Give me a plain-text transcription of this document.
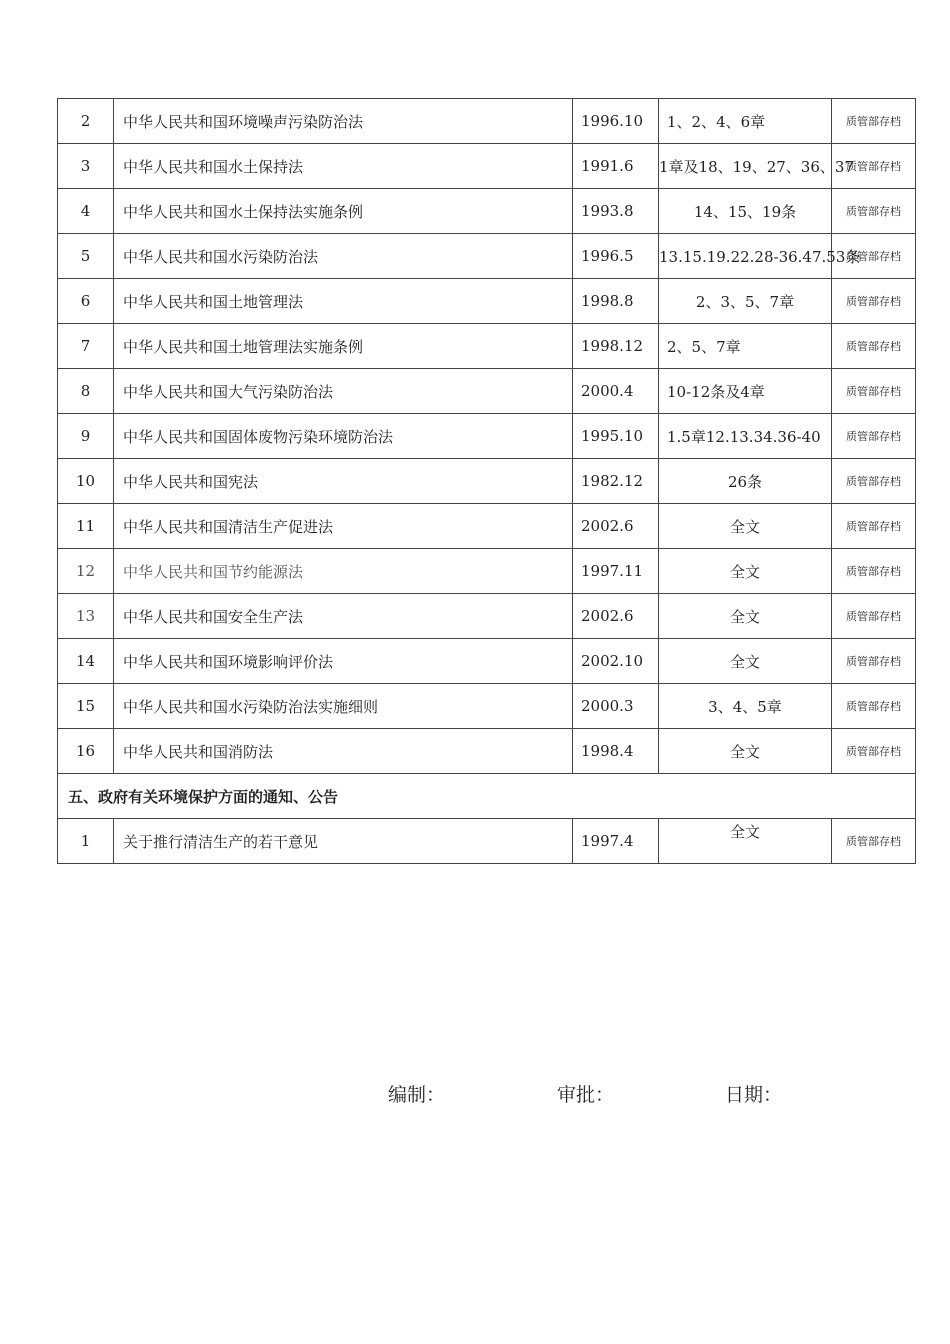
2	中华人民共和国环境噪声污染防治法	1996.10	1、2、4、6章	质管部存档
3	中华人民共和国水土保持法	1991.6	1章及18、19、27、36、37	质管部存档
4	中华人民共和国水土保持法实施条例	1993.8	14、15、19条	质管部存档
5	中华人民共和国水污染防治法	1996.5	13.15.19.22.28-36.47.53条	质管部存档
6	中华人民共和国土地管理法	1998.8	2、3、5、7章	质管部存档
7	中华人民共和国土地管理法实施条例	1998.12	2、5、7章	质管部存档
8	中华人民共和国大气污染防治法	2000.4	10-12条及4章	质管部存档
9	中华人民共和国固体废物污染环境防治法	1995.10	1.5章12.13.34.36-40	质管部存档
10	中华人民共和国宪法	1982.12	26条	质管部存档
11	中华人民共和国清洁生产促进法	2002.6	全文	质管部存档
12	中华人民共和国节约能源法	1997.11	全文	质管部存档
13	中华人民共和国安全生产法	2002.6	全文	质管部存档
14	中华人民共和国环境影响评价法	2002.10	全文	质管部存档
15	中华人民共和国水污染防治法实施细则	2000.3	3、4、5章	质管部存档
16	中华人民共和国消防法	1998.4	全文	质管部存档
五、政府有关环境保护方面的通知、公告				
1	关于推行清洁生产的若干意见	1997.4	全文	质管部存档
编制：	审批：	日期：
